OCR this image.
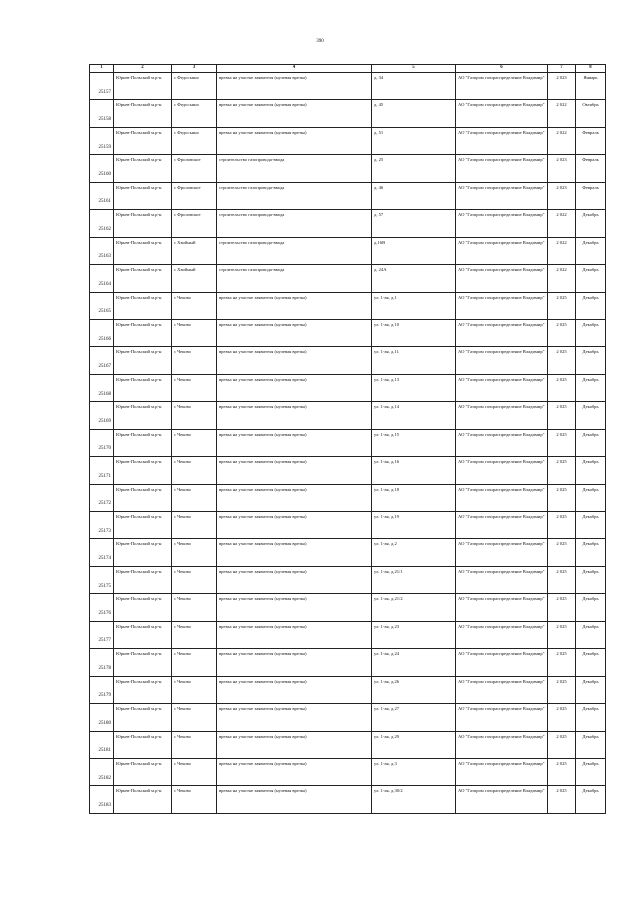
390
1	2	3	4	5	6	7	8
25157	Юрьев-Польский м.р-н	с Федосьино	врезка на участке заявителя (нулевая врезка)	д. 34	АО "Газпром газораспределение Владимир"	2 023	Январь
25158	Юрьев-Польский м.р-н	с Федосьино	врезка на участке заявителя (нулевая врезка)	д. 45	АО "Газпром газораспределение Владимир"	2 022	Октябрь
25159	Юрьев-Польский м.р-н	с Федосьино	врезка на участке заявителя (нулевая врезка)	д. 51	АО "Газпром газораспределение Владимир"	2 022	Февраль
25160	Юрьев-Польский м.р-н	с Фроловское	строительство газопровода-ввода	д. 25	АО "Газпром газораспределение Владимир"	2 023	Февраль
25161	Юрьев-Польский м.р-н	с Фроловское	строительство газопровода-ввода	д. 46	АО "Газпром газораспределение Владимир"	2 023	Февраль
25162	Юрьев-Польский м.р-н	с Фроловское	строительство газопровода-ввода	д. 57	АО "Газпром газораспределение Владимир"	2 022	Декабрь
25163	Юрьев-Польский м.р-н	с Хвойный	строительство газопровода-ввода	д.16В	АО "Газпром газораспределение Владимир"	2 022	Декабрь
25164	Юрьев-Польский м.р-н	с Хвойный	строительство газопровода-ввода	д. 24А	АО "Газпром газораспределение Владимир"	2 022	Декабрь
25165	Юрьев-Польский м.р-н	с Чеково	врезка на участке заявителя (нулевая врезка)	ул. 1-ая, д.1	АО "Газпром газораспределение Владимир"	2 025	Декабрь
25166	Юрьев-Польский м.р-н	с Чеково	врезка на участке заявителя (нулевая врезка)	ул. 1-ая, д.10	АО "Газпром газораспределение Владимир"	2 025	Декабрь
25167	Юрьев-Польский м.р-н	с Чеково	врезка на участке заявителя (нулевая врезка)	ул. 1-ая, д.11	АО "Газпром газораспределение Владимир"	2 025	Декабрь
25168	Юрьев-Польский м.р-н	с Чеково	врезка на участке заявителя (нулевая врезка)	ул. 1-ая, д.13	АО "Газпром газораспределение Владимир"	2 025	Декабрь
25169	Юрьев-Польский м.р-н	с Чеково	врезка на участке заявителя (нулевая врезка)	ул. 1-ая, д.14	АО "Газпром газораспределение Владимир"	2 025	Декабрь
25170	Юрьев-Польский м.р-н	с Чеково	врезка на участке заявителя (нулевая врезка)	ул. 1-ая, д.15	АО "Газпром газораспределение Владимир"	2 025	Декабрь
25171	Юрьев-Польский м.р-н	с Чеково	врезка на участке заявителя (нулевая врезка)	ул. 1-ая, д.16	АО "Газпром газораспределение Владимир"	2 025	Декабрь
25172	Юрьев-Польский м.р-н	с Чеково	врезка на участке заявителя (нулевая врезка)	ул. 1-ая, д.18	АО "Газпром газораспределение Владимир"	2 025	Декабрь
25173	Юрьев-Польский м.р-н	с Чеково	врезка на участке заявителя (нулевая врезка)	ул. 1-ая, д.19	АО "Газпром газораспределение Владимир"	2 025	Декабрь
25174	Юрьев-Польский м.р-н	с Чеково	врезка на участке заявителя (нулевая врезка)	ул. 1-ая, д.2	АО "Газпром газораспределение Владимир"	2 025	Декабрь
25175	Юрьев-Польский м.р-н	с Чеково	врезка на участке заявителя (нулевая врезка)	ул. 1-ая, д.21/1	АО "Газпром газораспределение Владимир"	2 025	Декабрь
25176	Юрьев-Польский м.р-н	с Чеково	врезка на участке заявителя (нулевая врезка)	ул. 1-ая, д.21/2	АО "Газпром газораспределение Владимир"	2 025	Декабрь
25177	Юрьев-Польский м.р-н	с Чеково	врезка на участке заявителя (нулевая врезка)	ул. 1-ая, д.23	АО "Газпром газораспределение Владимир"	2 025	Декабрь
25178	Юрьев-Польский м.р-н	с Чеково	врезка на участке заявителя (нулевая врезка)	ул. 1-ая, д.24	АО "Газпром газораспределение Владимир"	2 025	Декабрь
25179	Юрьев-Польский м.р-н	с Чеково	врезка на участке заявителя (нулевая врезка)	ул. 1-ая, д.26	АО "Газпром газораспределение Владимир"	2 025	Декабрь
25180	Юрьев-Польский м.р-н	с Чеково	врезка на участке заявителя (нулевая врезка)	ул. 1-ая, д.27	АО "Газпром газораспределение Владимир"	2 025	Декабрь
25181	Юрьев-Польский м.р-н	с Чеково	врезка на участке заявителя (нулевая врезка)	ул. 1-ая, д.29	АО "Газпром газораспределение Владимир"	2 025	Декабрь
25182	Юрьев-Польский м.р-н	с Чеково	врезка на участке заявителя (нулевая врезка)	ул. 1-ая, д.3	АО "Газпром газораспределение Владимир"	2 025	Декабрь
25183	Юрьев-Польский м.р-н	с Чеково	врезка на участке заявителя (нулевая врезка)	ул. 1-ая, д.30/2	АО "Газпром газораспределение Владимир"	2 025	Декабрь
